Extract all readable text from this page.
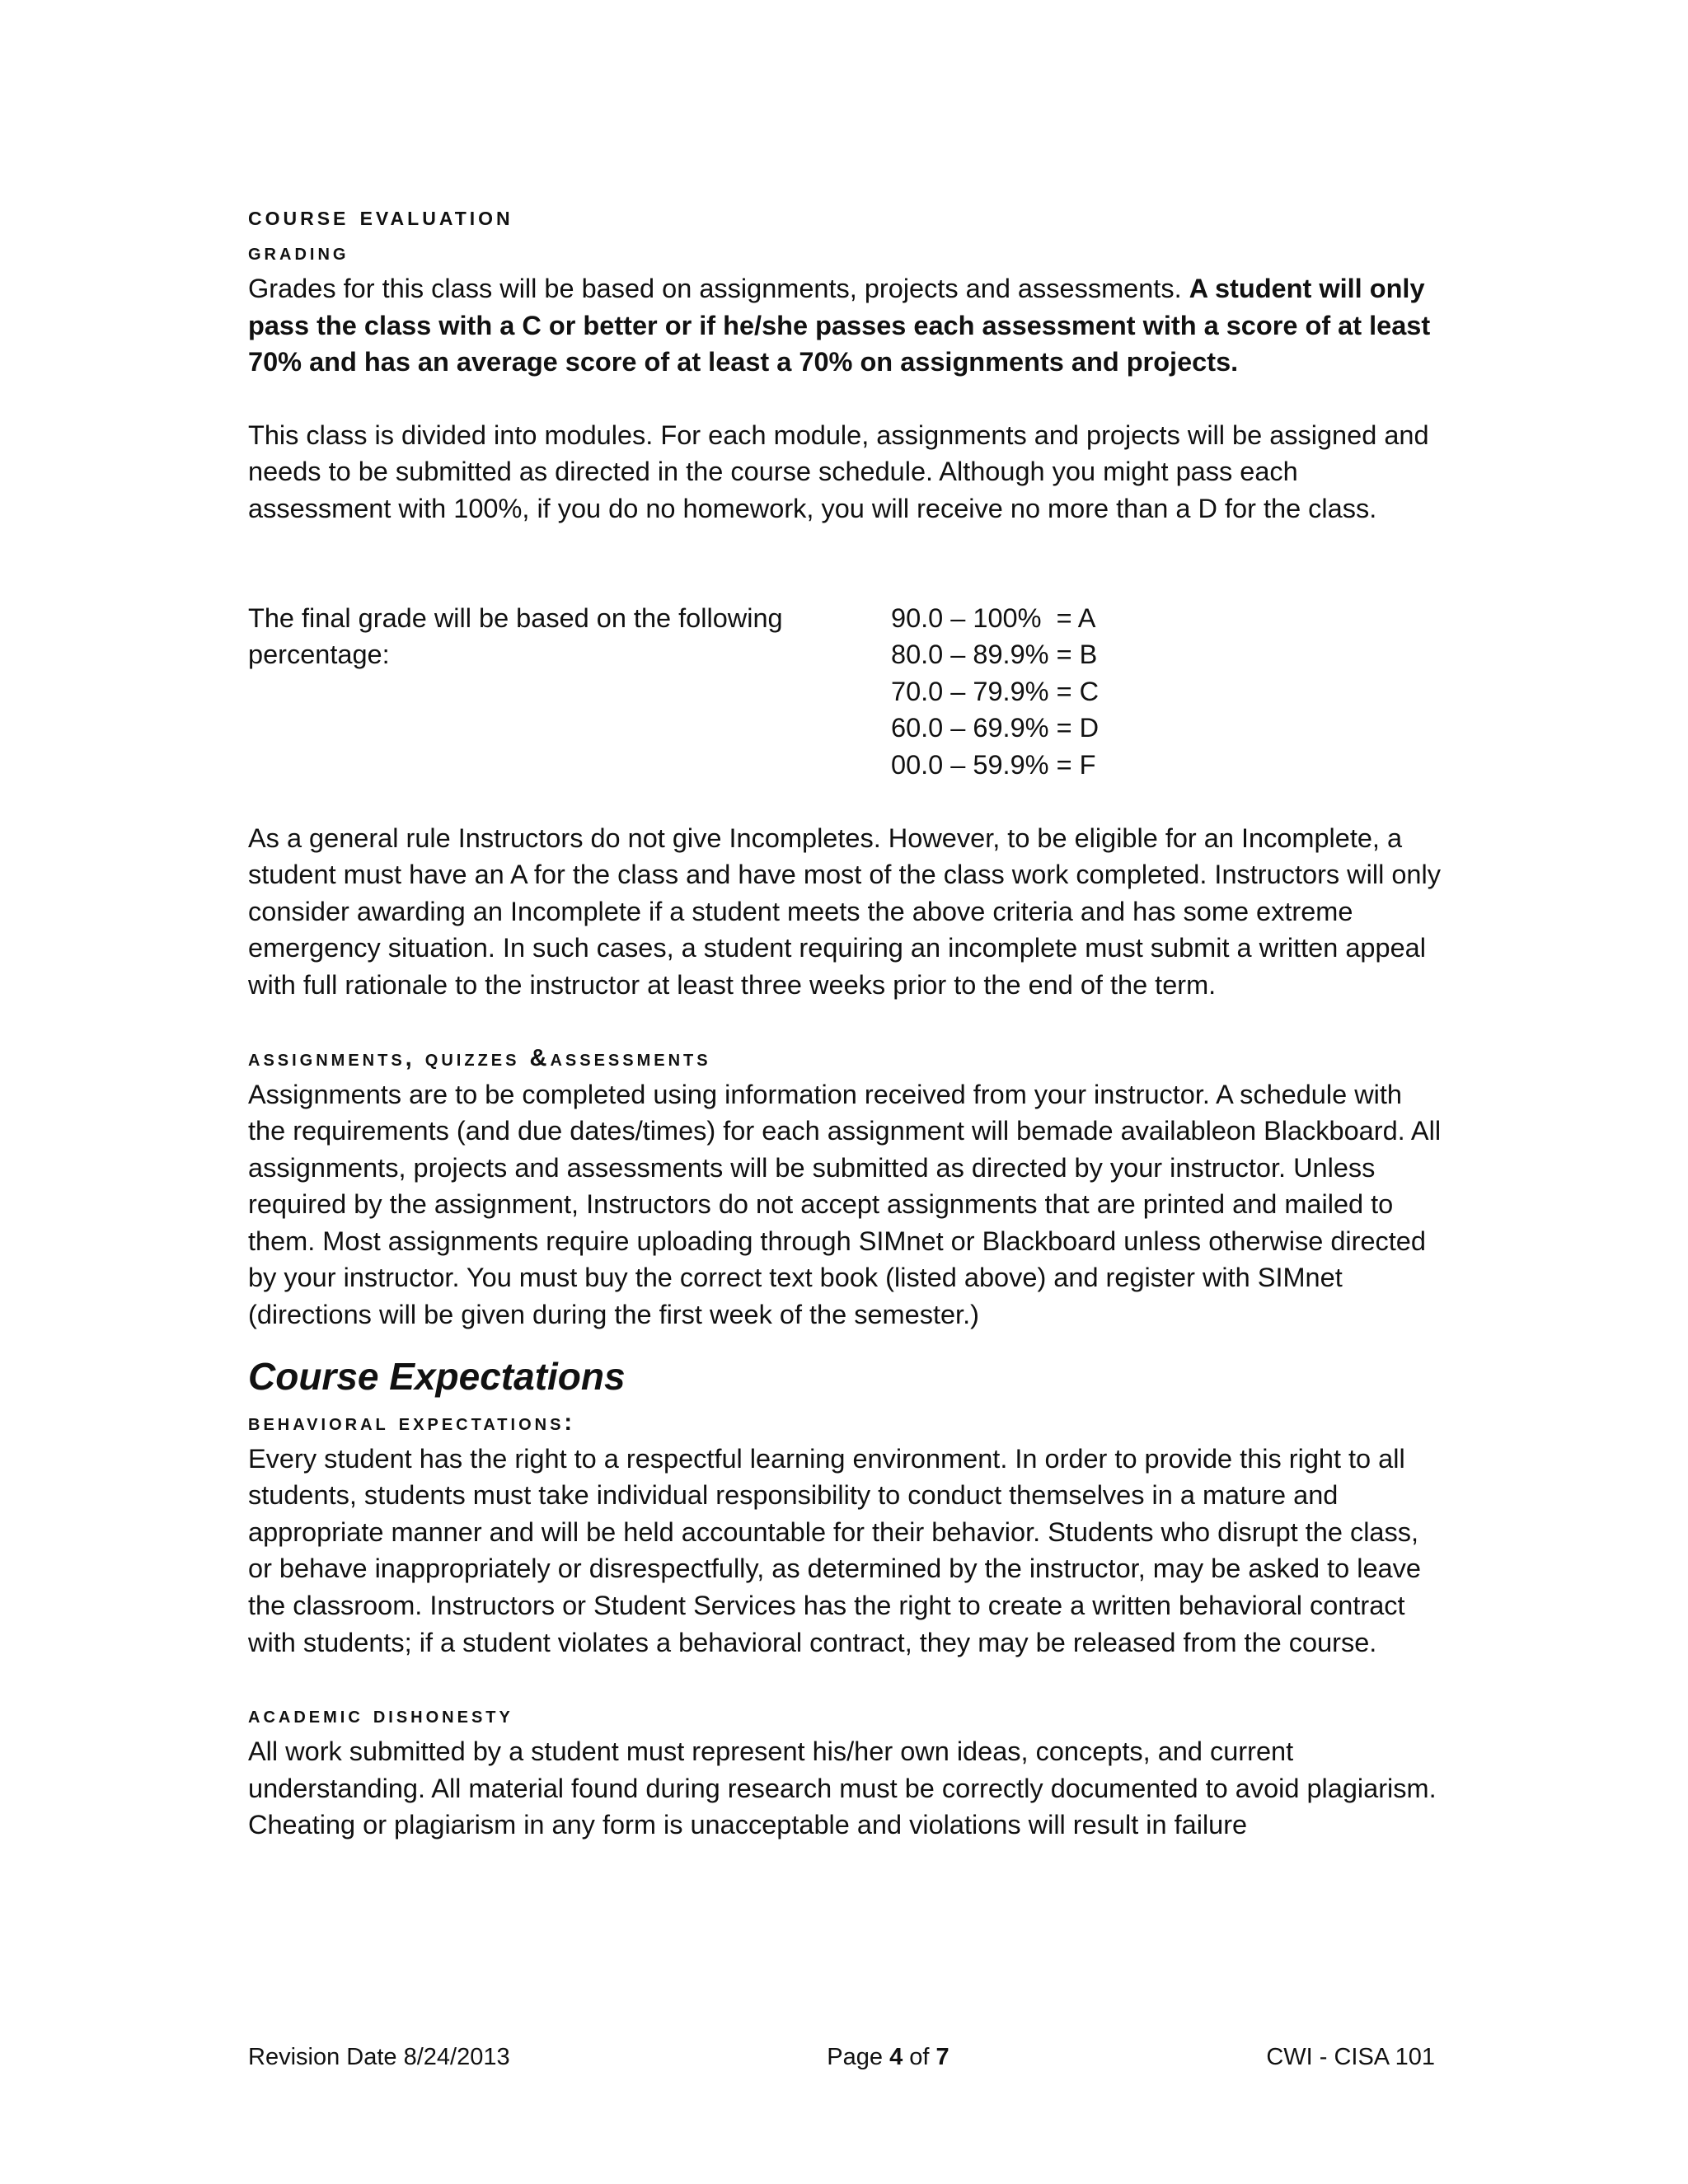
course evaluation
grading

Grades for this class will be based on assignments, projects and assessments. A student will only pass the class with a C or better or if he/she passes each assessment with a score of at least 70% and has an average score of at least a 70% on assignments and projects.

This class is divided into modules. For each module, assignments and projects will be assigned and needs to be submitted as directed in the course schedule. Although you might pass each assessment with 100%, if you do no homework, you will receive no more than a D for the class.

The final grade will be based on the following percentage:
90.0 – 100%  = A
80.0 – 89.9% = B
70.0 – 79.9% = C
60.0 – 69.9% = D
00.0 – 59.9% = F

As a general rule Instructors do not give Incompletes. However, to be eligible for an Incomplete, a student must have an A for the class and have most of the class work completed. Instructors will only consider awarding an Incomplete if a student meets the above criteria and has some extreme emergency situation. In such cases, a student requiring an incomplete must submit a written appeal with full rationale to the instructor at least three weeks prior to the end of the term.

assignments, quizzes &assessments

Assignments are to be completed using information received from your instructor. A schedule with the requirements (and due dates/times) for each assignment will bemade availableon Blackboard. All assignments, projects and assessments will be submitted as directed by your instructor. Unless required by the assignment, Instructors do not accept assignments that are printed and mailed to them. Most assignments require uploading through SIMnet or Blackboard unless otherwise directed by your instructor. You must buy the correct text book (listed above) and register with SIMnet (directions will be given during the first week of the semester.)

Course Expectations
behavioral expectations:

Every student has the right to a respectful learning environment. In order to provide this right to all students, students must take individual responsibility to conduct themselves in a mature and appropriate manner and will be held accountable for their behavior. Students who disrupt the class, or behave inappropriately or disrespectfully, as determined by the instructor, may be asked to leave the classroom. Instructors or Student Services has the right to create a written behavioral contract with students; if a student violates a behavioral contract, they may be released from the course.

academic dishonesty

All work submitted by a student must represent his/her own ideas, concepts, and current understanding. All material found during research must be correctly documented to avoid plagiarism. Cheating or plagiarism in any form is unacceptable and violations will result in failure

Revision Date 8/24/2013	Page 4 of 7	CWI - CISA 101
